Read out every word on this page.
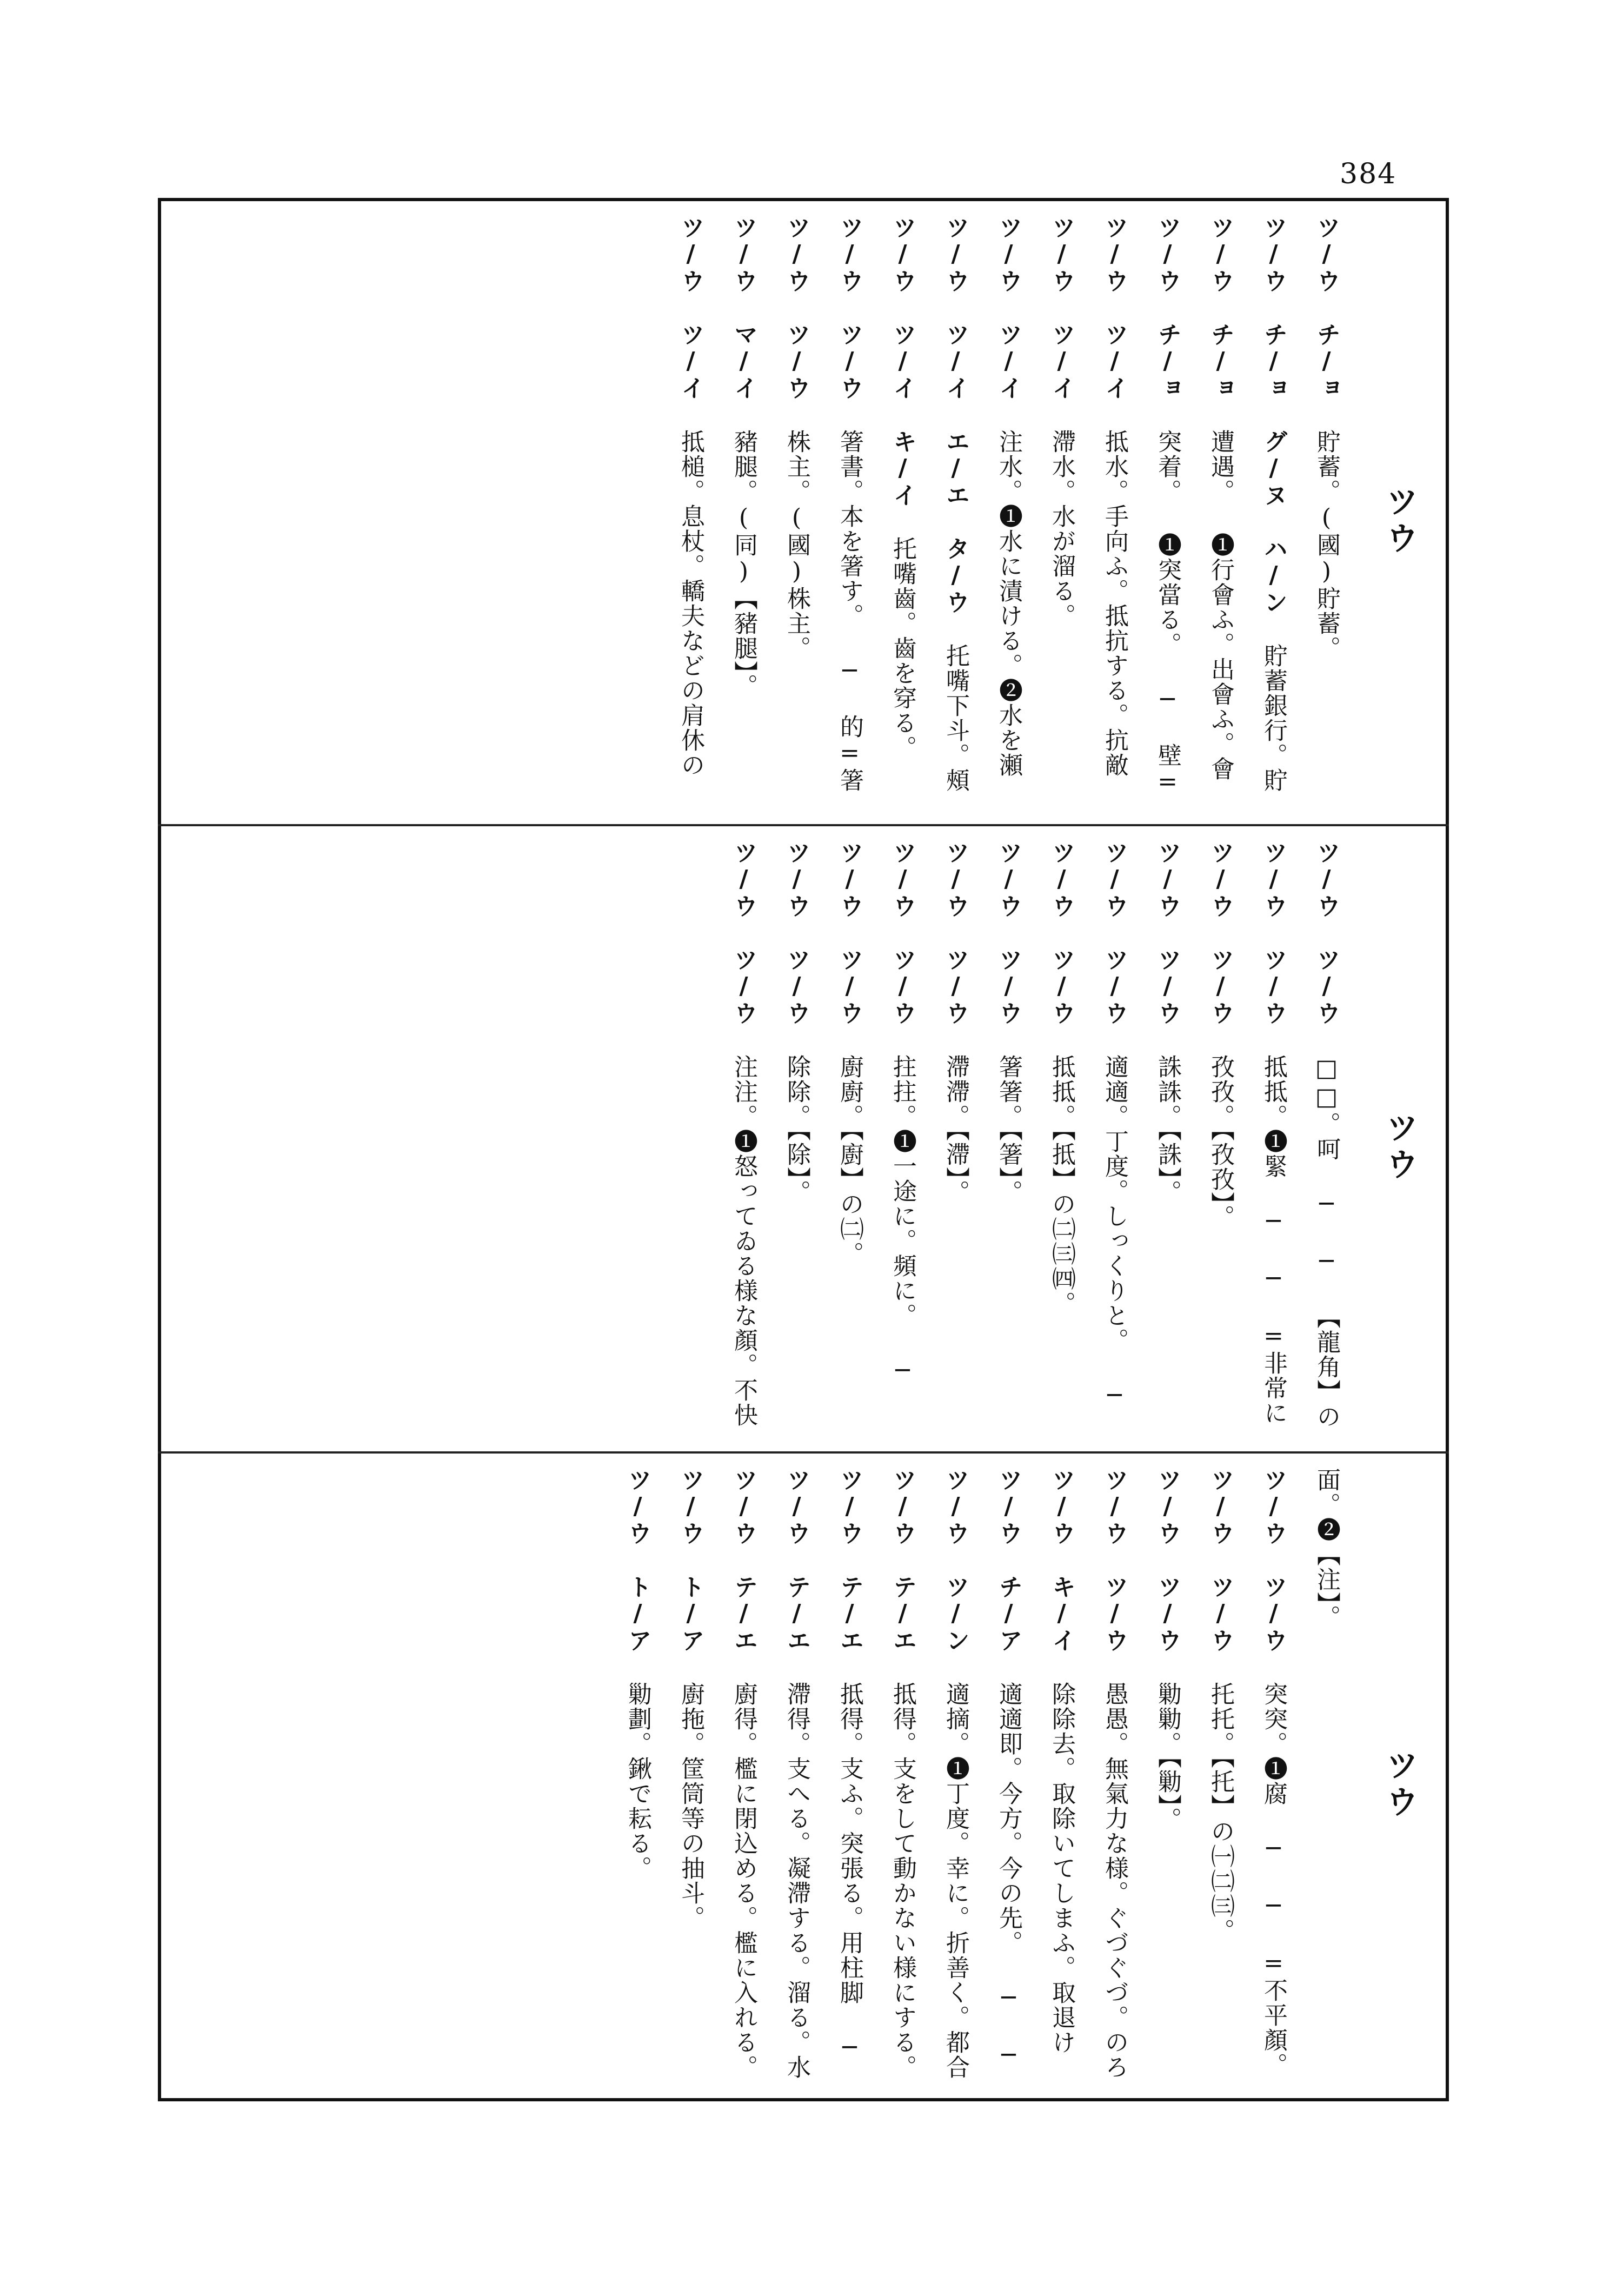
384
ツウ
ツ/ウ チ/ョ 貯蓄。(國)貯蓄。
ツ/ウ チ/ョ グ/ヌ ハ/ン 貯蓄銀行。貯
ツ/ウ チ/ョ 遭遇。 ❶行會ふ。出會ふ。會
ツ/ウ チ/ョ 突着。 ❶突當る。 ─ 壁=
ツ/ウ ツ/イ 抵水。手向ふ。抵抗する。抗敵
ツ/ウ ツ/イ 滯水。水が溜る。
ツ/ウ ツ/イ 注水。❶水に漬ける。❷水を瀬
ツ/ウ ツ/イ エ/エ タ/ウ 托嘴下斗。頰
ツ/ウ ツ/イ キ/イ 托嘴齒。齒を穿る。
ツ/ウ ツ/ウ 箸書。本を箸す。 ─ 的=箸
ツ/ウ ツ/ウ 株主。(國)株主。
ツ/ウ マ/イ 豬腿。(同)【豬腿】。
ツ/ウ ツ/イ 抵槌。息杖。轎夫などの肩休の
ツウ
ツ/ウ ツ/ウ □□。呵 ─ ─ 【龍角】の
ツ/ウ ツ/ウ 抵抵。❶緊 ─ ─ =非常に
ツ/ウ ツ/ウ 孜孜。【孜孜】。
ツ/ウ ツ/ウ 誅誅。【誅】。
ツ/ウ ツ/ウ 適適。丁度。しっくりと。 ─
ツ/ウ ツ/ウ 抵抵。【抵】の㈡㈢㈣。
ツ/ウ ツ/ウ 箸箸。【箸】。
ツ/ウ ツ/ウ 滯滯。【滯】。
ツ/ウ ツ/ウ 拄拄。❶一途に。頻に。 ─
ツ/ウ ツ/ウ 廚廚。【廚】の㈡。
ツ/ウ ツ/ウ 除除。【除】。
ツ/ウ ツ/ウ 注注。❶怒ってゐる様な顏。不快
ツウ
面。❷【注】。
ツ/ウ ツ/ウ 突突。❶腐 ─ ─ =不平顏。
ツ/ウ ツ/ウ 托托。【托】の㈠㈡㈢。
ツ/ウ ツ/ウ 勦勦。【勦】。
ツ/ウ ツ/ウ 愚愚。無氣力な様。ぐづぐづ。のろ
ツ/ウ キ/イ 除除去。取除いてしまふ。取退け
ツ/ウ チ/ア 適適即。今方。今の先。 ─ ─
ツ/ウ ツ/ン 適摘。❶丁度。幸に。折善く。都合
ツ/ウ テ/エ 抵得。支をして動かない様にする。
ツ/ウ テ/エ 抵得。支ふ。突張る。用柱脚 ─
ツ/ウ テ/エ 滯得。支へる。凝滯する。溜る。水
ツ/ウ テ/エ 廚得。檻に閉込める。檻に入れる。
ツ/ウ ト/ア 廚拖。筐筒等の抽斗。
ツ/ウ ト/ア 勦劃。鍬で耘る。
